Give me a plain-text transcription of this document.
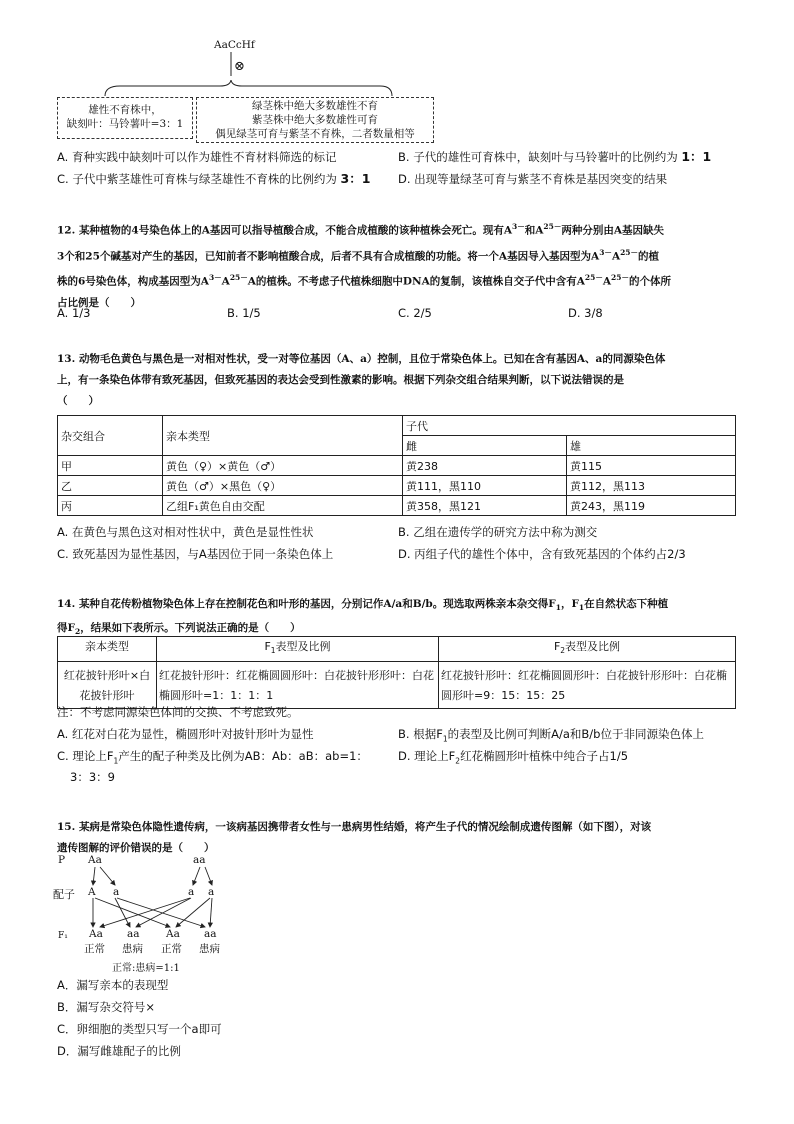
AaCcHf
⊗
雄性不育株中，
缺刻叶：马铃薯叶=3：1
绿茎株中绝大多数雄性不育
紫茎株中绝大多数雄性可育
偶见绿茎可育与紫茎不育株，二者数量相等
A. 育种实践中缺刻叶可以作为雄性不育材料筛选的标记	B. 子代的雄性可育株中，缺刻叶与马铃薯叶的比例约为 1：1
C. 子代中紫茎雄性可育株与绿茎雄性不育株的比例约为 3：1 D. 出现等量绿茎可育与紫茎不育株是基因突变的结果
12. 某种植物的4号染色体上的A基因可以指导植酸合成，不能合成植酸的该种植株会死亡。现有$A^{3-}$和$A^{25-}$两种分别由A基因缺失
3个和25个碱基对产生的基因，已知前者不影响植酸合成，后者不具有合成植酸的功能。将一个A基因导入基因型为$A^{3-}A^{25-}$的植
株的6号染色体，构成基因型为$A^{3-}A^{25-}A$的植株。不考虑子代植株细胞中DNA的复制，该植株自交子代中含有$A^{25-}A^{25-}$的个体所
占比例是（　　）
A. 1/3	B. 1/5	C. 2/5	D. 3/8
13. 动物毛色黄色与黑色是一对相对性状，受一对等位基因（A、a）控制，且位于常染色体上。已知在含有基因A、a的同源染色体
上，有一条染色体带有致死基因，但致死基因的表达会受到性激素的影响。根据下列杂交组合结果判断，以下说法错误的是
（　　）
杂交组合	亲本类型	子代	
		雌	雄
甲	黄色（♀）×黄色（♂）	黄238	黄115
乙	黄色（♂）×黑色（♀）	黄111，黑110	黄112，黑113
丙	乙组F₁黄色自由交配	黄358，黑121	黄243，黑119
A. 在黄色与黑色这对相对性状中，黄色是显性性状	B. 乙组在遗传学的研究方法中称为测交
C. 致死基因为显性基因，与A基因位于同一条染色体上	D. 丙组子代的雄性个体中，含有致死基因的个体约占2/3
14. 某种自花传粉植物染色体上存在控制花色和叶形的基因，分别记作A/a和B/b。现选取两株亲本杂交得$F_1$，$F_1$在自然状态下种植
得$F_2$，结果如下表所示。下列说法正确的是（　　）
亲本类型	$F_1$表型及比例	$F_2$表型及比例
红花披针形叶×白花披针形叶	红花披针形叶：红花椭圆圆形叶：白花披针形形叶：白花椭圆形叶=1：1：1：1	红花披针形叶：红花椭圆圆形叶：白花披针形形叶：白花椭圆形叶=9：15：15：25
注：不考虑同源染色体间的交换、不考虑致死。
A. 红花对白花为显性，椭圆形叶对披针形叶为显性	B. 根据$F_1$的表型及比例可判断A/a和B/b位于非同源染色体上
C. 理论上$F_1$产生的配子种类及比例为AB：Ab：aB：ab=1：
3：3：9
D. 理论上$F_2$红花椭圆形叶植株中纯合子占1/5
15. 某病是常染色体隐性遗传病，一该病基因携带者女性与一患病男性结婚，将产生子代的情况绘制成遗传图解（如下图），对该
遗传图解的评价错误的是（　　）
P Aa	aa
配子 A a	a a
F₁ Aa aa	Aa aa
正常 患病 正常 患病
正常:患病=1:1
A．漏写亲本的表现型
B．漏写杂交符号×
C．卵细胞的类型只写一个a即可
D．漏写雌雄配子的比例
